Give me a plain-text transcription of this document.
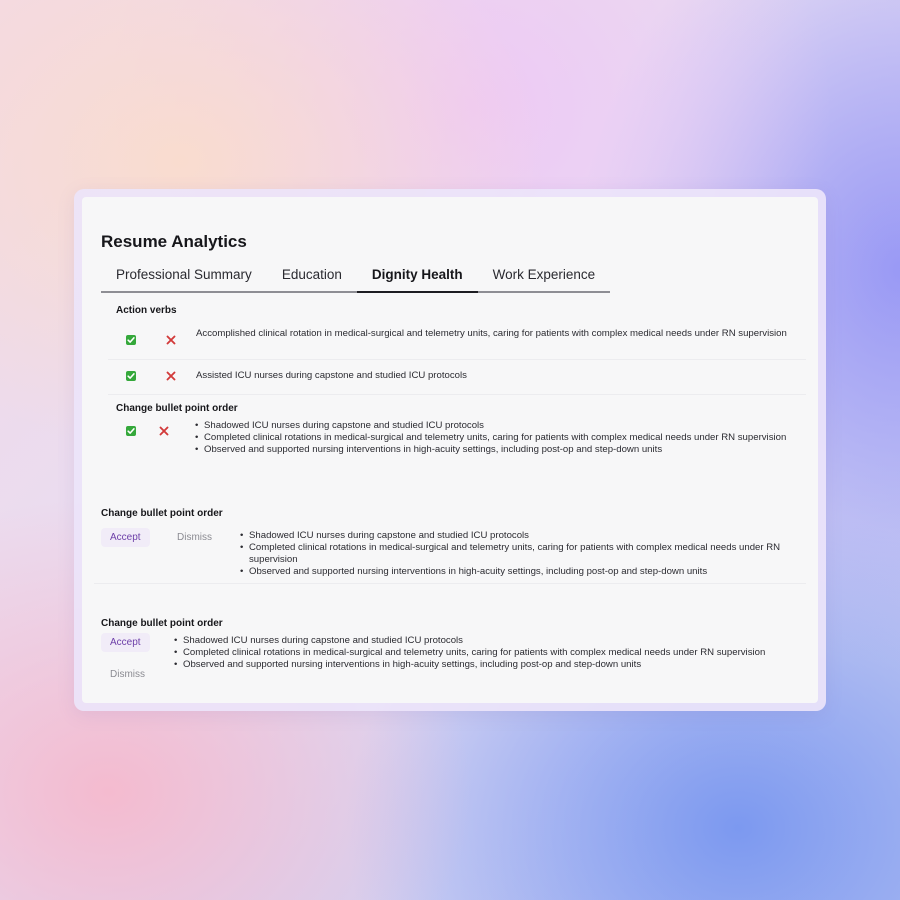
Resume Analytics
Professional Summary	Education	Dignity Health	Work Experience
Action verbs
Accomplished clinical rotation in medical-surgical and telemetry units, caring for patients with complex medical needs under RN supervision
Assisted ICU nurses during capstone and studied ICU protocols
Change bullet point order
• Shadowed ICU nurses during capstone and studied ICU protocols
• Completed clinical rotations in medical-surgical and telemetry units, caring for patients with complex medical needs under RN supervision
• Observed and supported nursing interventions in high-acuity settings, including post-op and step-down units
Change bullet point order
Accept	Dismiss
•	Shadowed ICU nurses during capstone and studied ICU protocols
• Completed clinical rotations in medical-surgical and telemetry units, caring for patients with complex medical needs under RN supervision
• Observed and supported nursing interventions in high-acuity settings, including post-op and step-down units
Change bullet point order
Accept
Dismiss
• Shadowed ICU nurses during capstone and studied ICU protocols
• Completed clinical rotations in medical-surgical and telemetry units, caring for patients with complex medical needs under RN supervision
• Observed and supported nursing interventions in high-acuity settings, including post-op and step-down units
